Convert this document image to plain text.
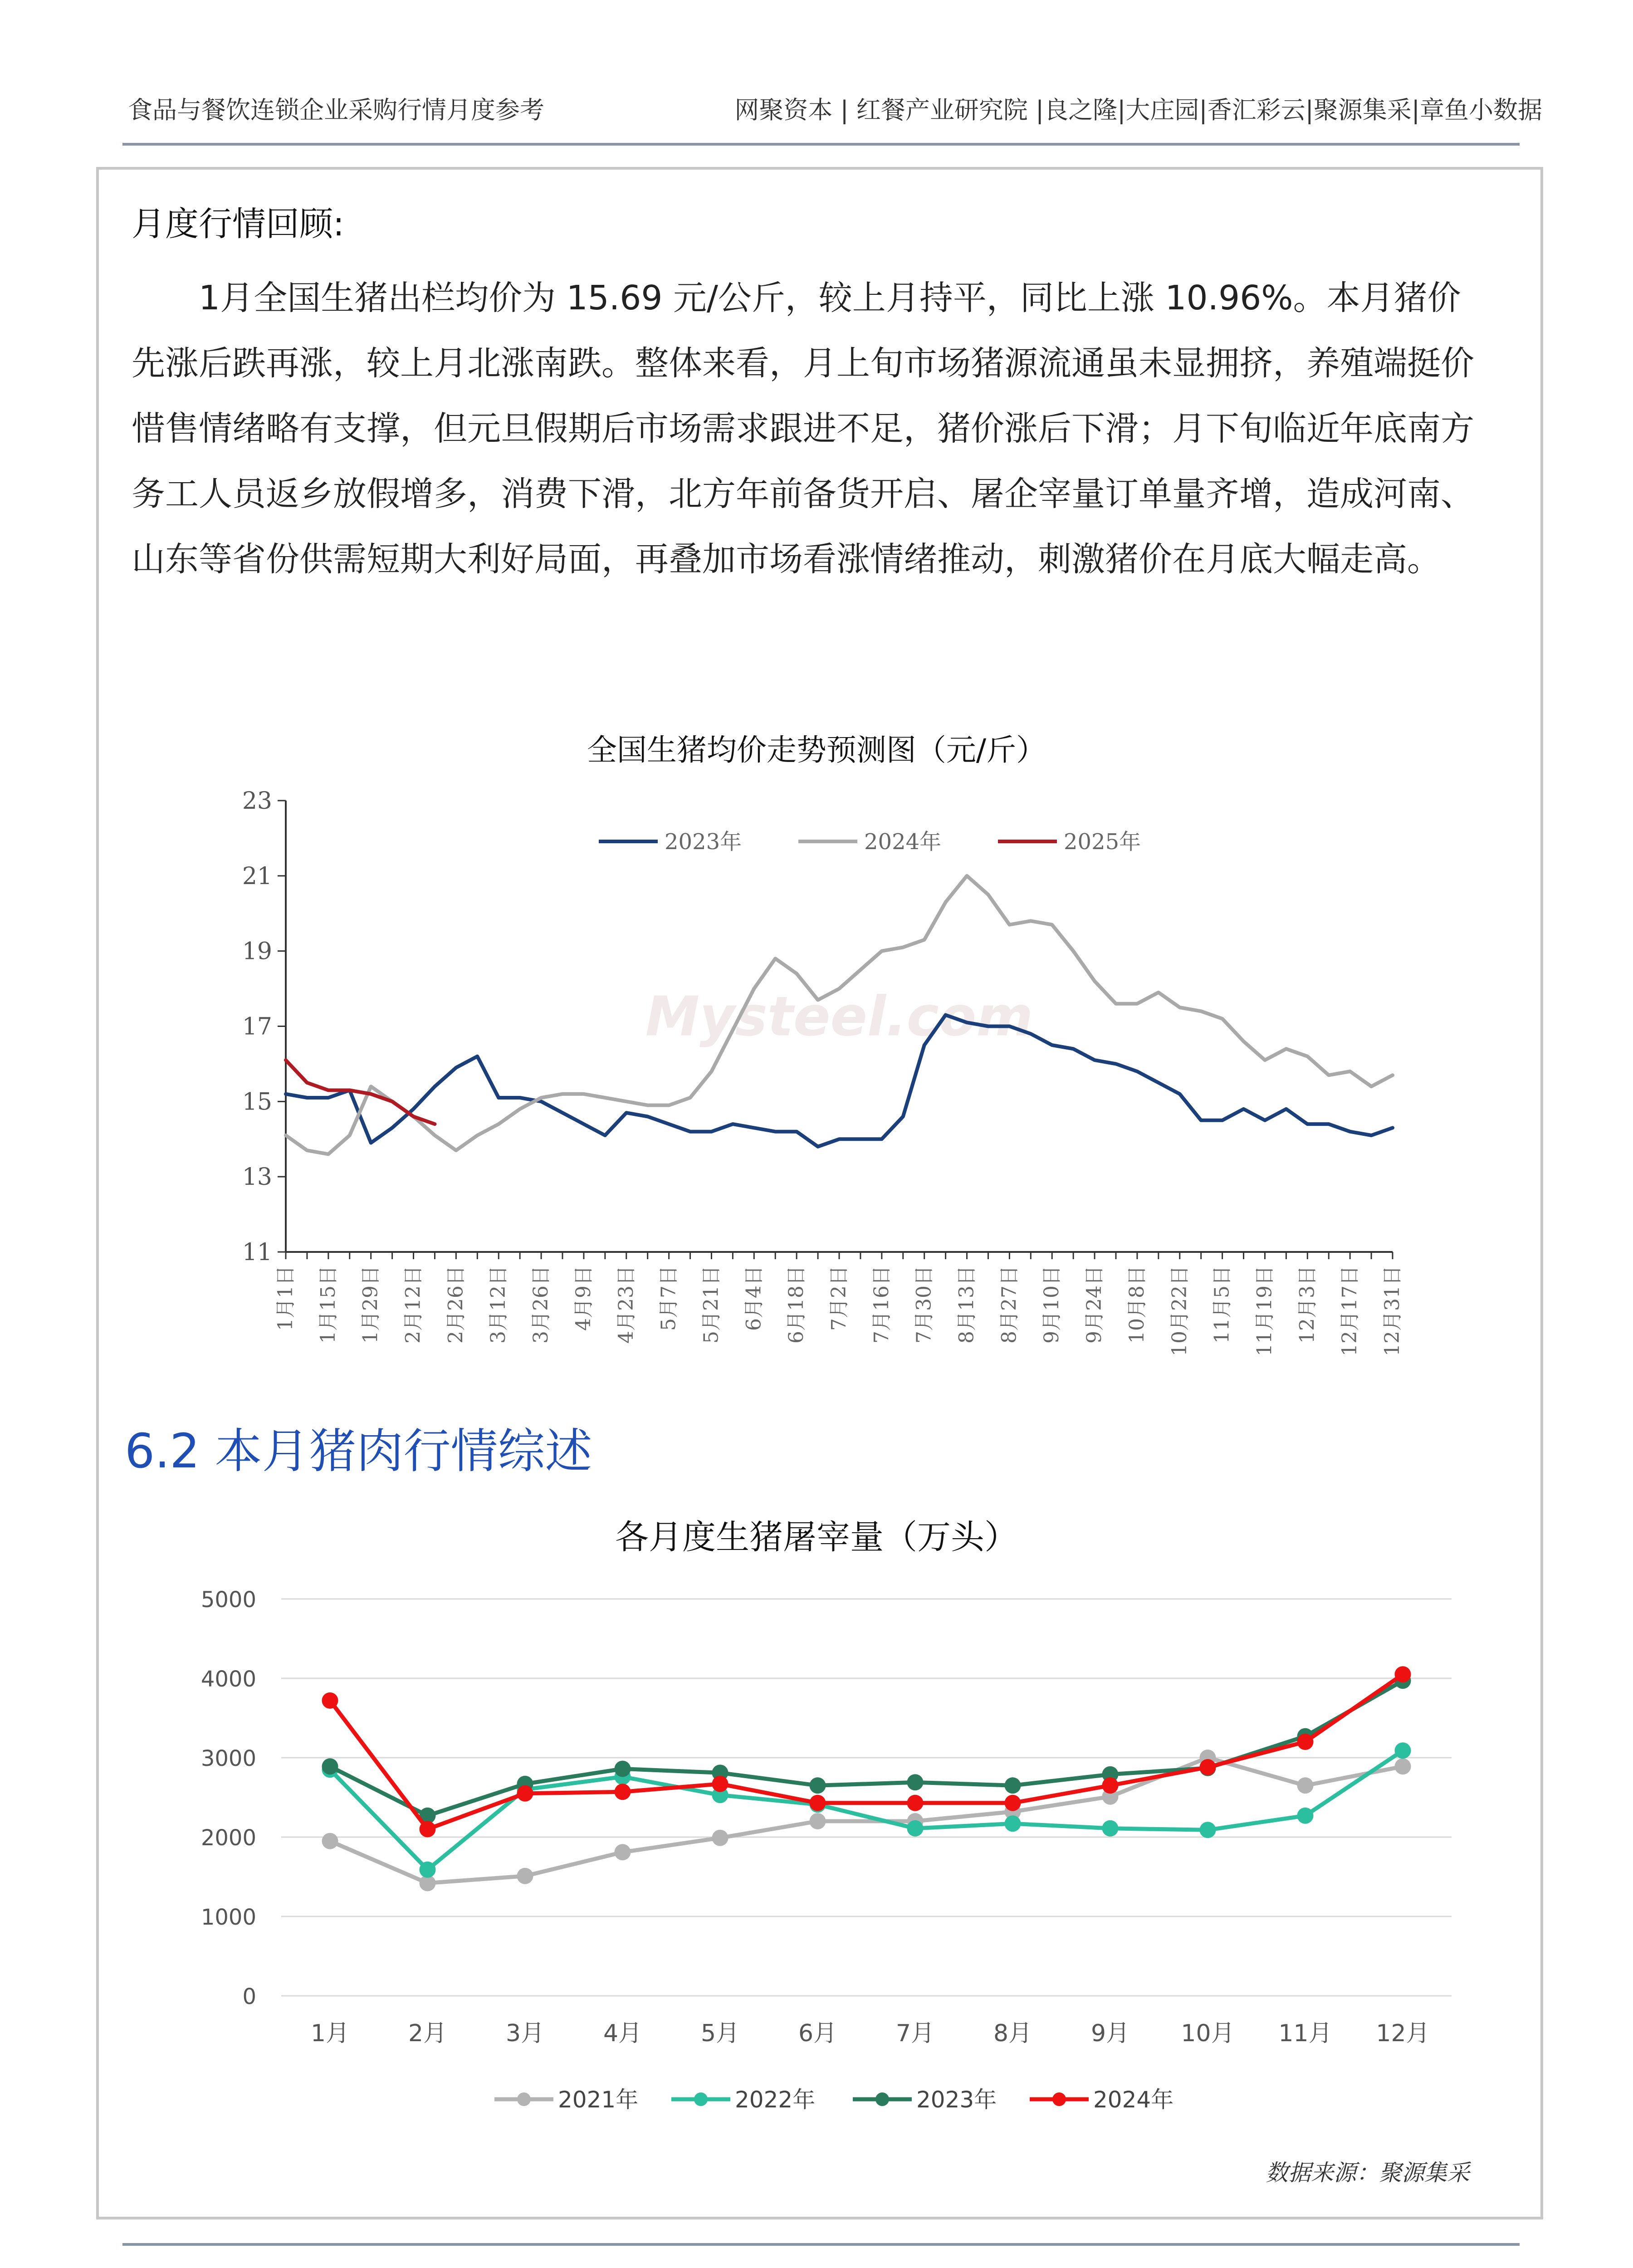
食品与餐饮连锁企业采购行情月度参考	网聚资本 | 红餐产业研究院 |良之隆|大庄园|香汇彩云|聚源集采|章鱼小数据
月度行情回顾:

1月全国生猪出栏均价为 15.69 元/公斤，较上月持平，同比上涨 10.96%。本月猪价先涨后跌再涨，较上月北涨南跌。整体来看，月上旬市场猪源流通虽未显拥挤，养殖端挺价惜售情绪略有支撑，但元旦假期后市场需求跟进不足，猪价涨后下滑；月下旬临近年底南方务工人员返乡放假增多，消费下滑，北方年前备货开启、屠企宰量订单量齐增，造成河南、山东等省份供需短期大利好局面，再叠加市场看涨情绪推动，刺激猪价在月底大幅走高。

全国生猪均价走势预测图（元/斤）
Mysteel.com
11
13
15
17
19
21
23
1月1日 1月15日 1月29日 2月12日 2月26日 3月12日 3月26日 4月9日 4月23日 5月7日 5月21日 6月4日 6月18日 7月2日 7月16日 7月30日 8月13日 8月27日 9月10日 9月24日 10月8日 10月22日 11月5日 11月19日 12月3日 12月17日 12月31日
2023年	2024年	2025年
6.2 本月猪肉行情综述
各月度生猪屠宰量（万头）
0
1000
2000
3000
4000
5000
1月 2月 3月 4月 5月 6月 7月 8月 9月 10月 11月 12月
2021年	2022年	2023年	2024年
数据来源：聚源集采
